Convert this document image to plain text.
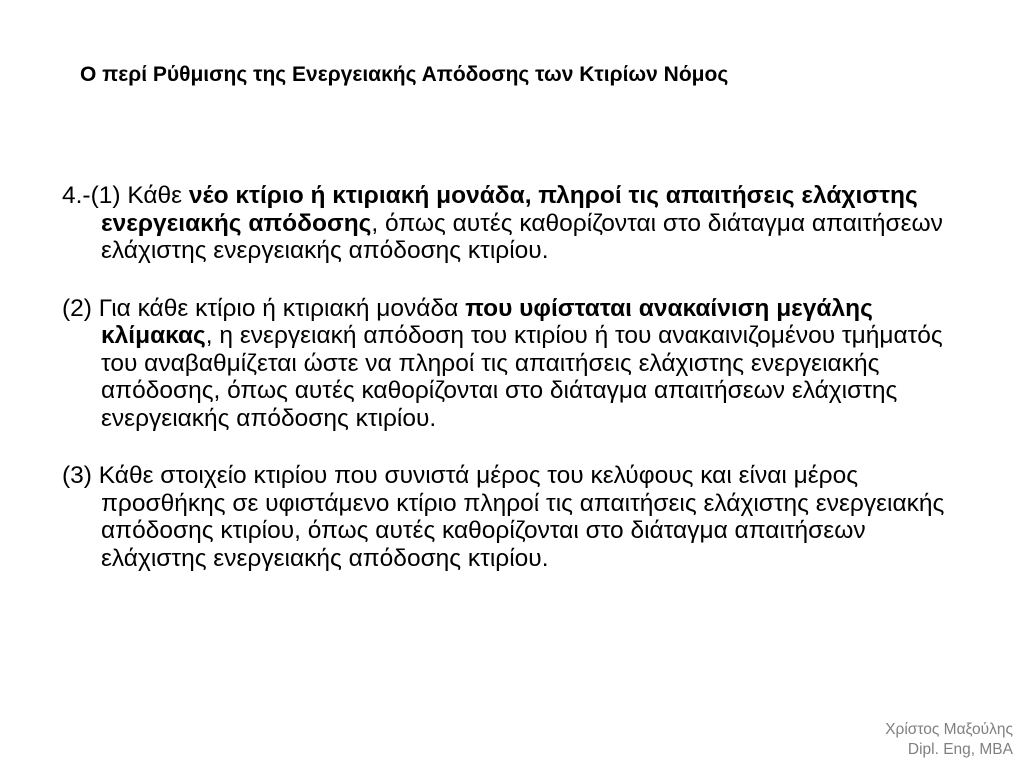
Ο περί Ρύθμισης της Ενεργειακής Απόδοσης των Κτιρίων Νόμος

4.-(1) Κάθε νέο κτίριο ή κτιριακή μονάδα, πληροί τις απαιτήσεις ελάχιστης ενεργειακής απόδοσης, όπως αυτές καθορίζονται στο διάταγμα απαιτήσεων ελάχιστης ενεργειακής απόδοσης κτιρίου.

(2) Για κάθε κτίριο ή κτιριακή μονάδα που υφίσταται ανακαίνιση μεγάλης κλίμακας, η ενεργειακή απόδοση του κτιρίου ή του ανακαινιζομένου τμήματός του αναβαθμίζεται ώστε να πληροί τις απαιτήσεις ελάχιστης ενεργειακής απόδοσης, όπως αυτές καθορίζονται στο διάταγμα απαιτήσεων ελάχιστης ενεργειακής απόδοσης κτιρίου.

(3) Κάθε στοιχείο κτιρίου που συνιστά μέρος του κελύφους και είναι μέρος προσθήκης σε υφιστάμενο κτίριο πληροί τις απαιτήσεις ελάχιστης ενεργειακής απόδοσης κτιρίου, όπως αυτές καθορίζονται στο διάταγμα απαιτήσεων ελάχιστης ενεργειακής απόδοσης κτιρίου.

Χρίστος Μαξούλης
Dipl. Eng, MBA
